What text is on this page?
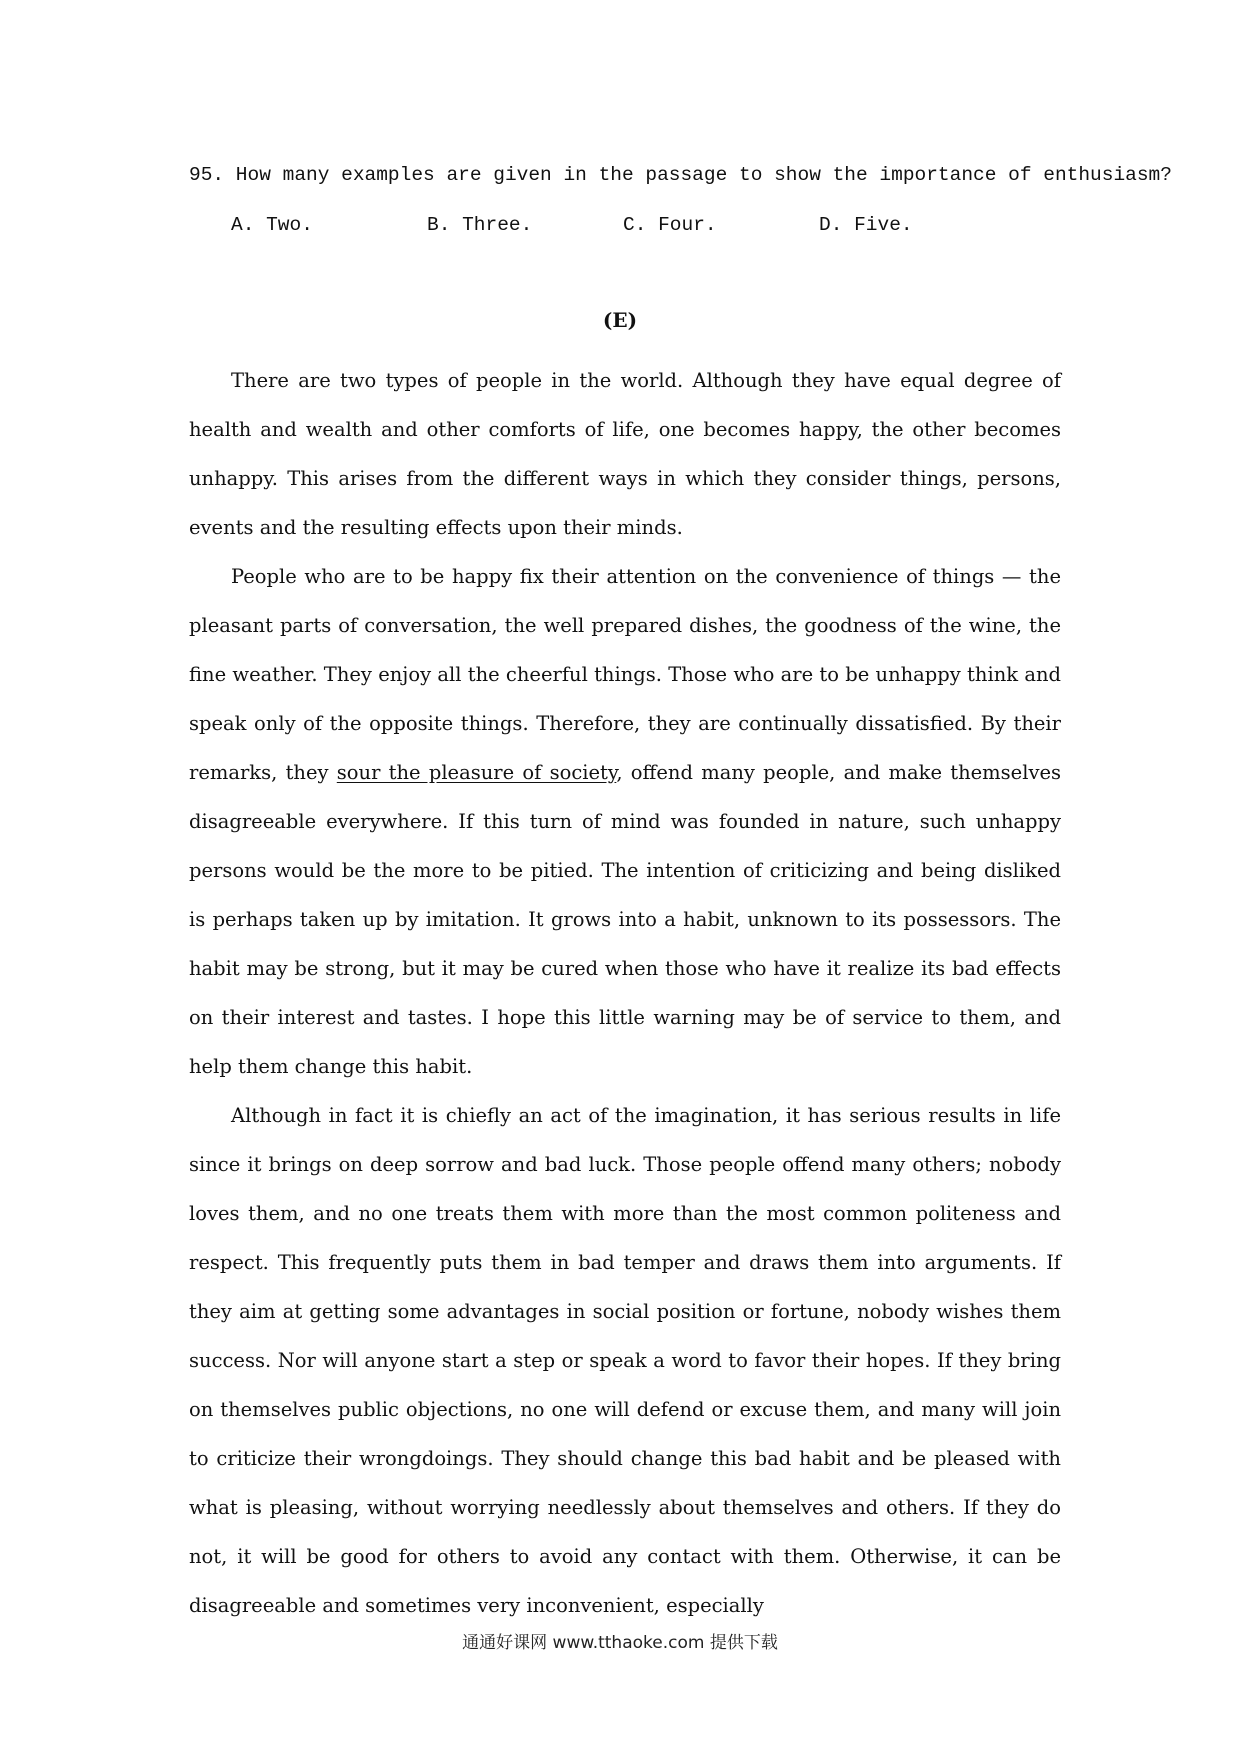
95. How many examples are given in the passage to show the importance of enthusiasm?
A. Two.	B. Three.	C. Four.	D. Five.
(E)

There are two types of people in the world. Although they have equal degree of health and wealth and other comforts of life, one becomes happy, the other becomes unhappy. This arises from the different ways in which they consider things, persons, events and the resulting effects upon their minds.

People who are to be happy fix their attention on the convenience of things — the pleasant parts of conversation, the well prepared dishes, the goodness of the wine, the fine weather. They enjoy all the cheerful things. Those who are to be unhappy think and speak only of the opposite things. Therefore, they are continually dissatisfied. By their remarks, they sour the pleasure of society, offend many people, and make themselves disagreeable everywhere. If this turn of mind was founded in nature, such unhappy persons would be the more to be pitied. The intention of criticizing and being disliked is perhaps taken up by imitation. It grows into a habit, unknown to its possessors. The habit may be strong, but it may be cured when those who have it realize its bad effects on their interest and tastes. I hope this little warning may be of service to them, and help them change this habit.

Although in fact it is chiefly an act of the imagination, it has serious results in life since it brings on deep sorrow and bad luck. Those people offend many others; nobody loves them, and no one treats them with more than the most common politeness and respect. This frequently puts them in bad temper and draws them into arguments. If they aim at getting some advantages in social position or fortune, nobody wishes them success. Nor will anyone start a step or speak a word to favor their hopes. If they bring on themselves public objections, no one will defend or excuse them, and many will join to criticize their wrongdoings. They should change this bad habit and be pleased with what is pleasing, without worrying needlessly about themselves and others. If they do not, it will be good for others to avoid any contact with them. Otherwise, it can be disagreeable and sometimes very inconvenient, especially

通通好课网 www.tthaoke.com 提供下载
